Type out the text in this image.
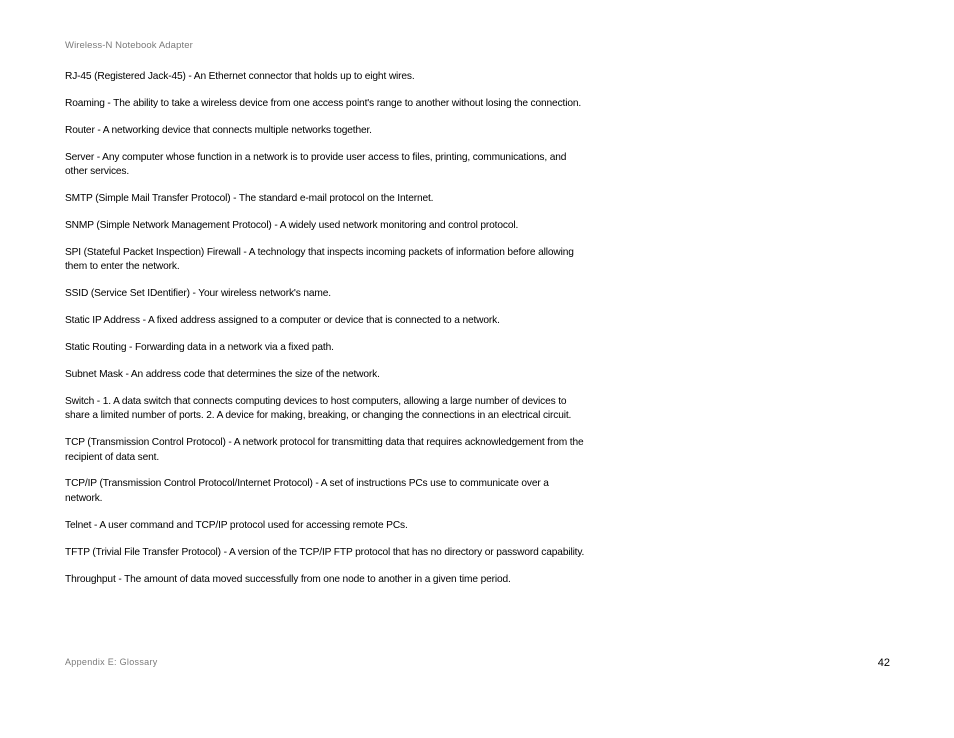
Wireless-N Notebook Adapter

RJ-45 (Registered Jack-45) - An Ethernet connector that holds up to eight wires.

Roaming - The ability to take a wireless device from one access point's range to another without losing the connection.

Router - A networking device that connects multiple networks together.

Server - Any computer whose function in a network is to provide user access to files, printing, communications, and other services.

SMTP (Simple Mail Transfer Protocol) - The standard e-mail protocol on the Internet.

SNMP (Simple Network Management Protocol) - A widely used network monitoring and control protocol.

SPI (Stateful Packet Inspection) Firewall - A technology that inspects incoming packets of information before allowing them to enter the network.

SSID (Service Set IDentifier) - Your wireless network's name.

Static IP Address - A fixed address assigned to a computer or device that is connected to a network.

Static Routing - Forwarding data in a network via a fixed path.

Subnet Mask - An address code that determines the size of the network.

Switch - 1. A data switch that connects computing devices to host computers, allowing a large number of devices to share a limited number of ports. 2. A device for making, breaking, or changing the connections in an electrical circuit.

TCP (Transmission Control Protocol) - A network protocol for transmitting data that requires acknowledgement from the recipient of data sent.

TCP/IP (Transmission Control Protocol/Internet Protocol) - A set of instructions PCs use to communicate over a network.

Telnet - A user command and TCP/IP protocol used for accessing remote PCs.

TFTP (Trivial File Transfer Protocol) - A version of the TCP/IP FTP protocol that has no directory or password capability.

Throughput - The amount of data moved successfully from one node to another in a given time period.

Appendix E: Glossary	42
